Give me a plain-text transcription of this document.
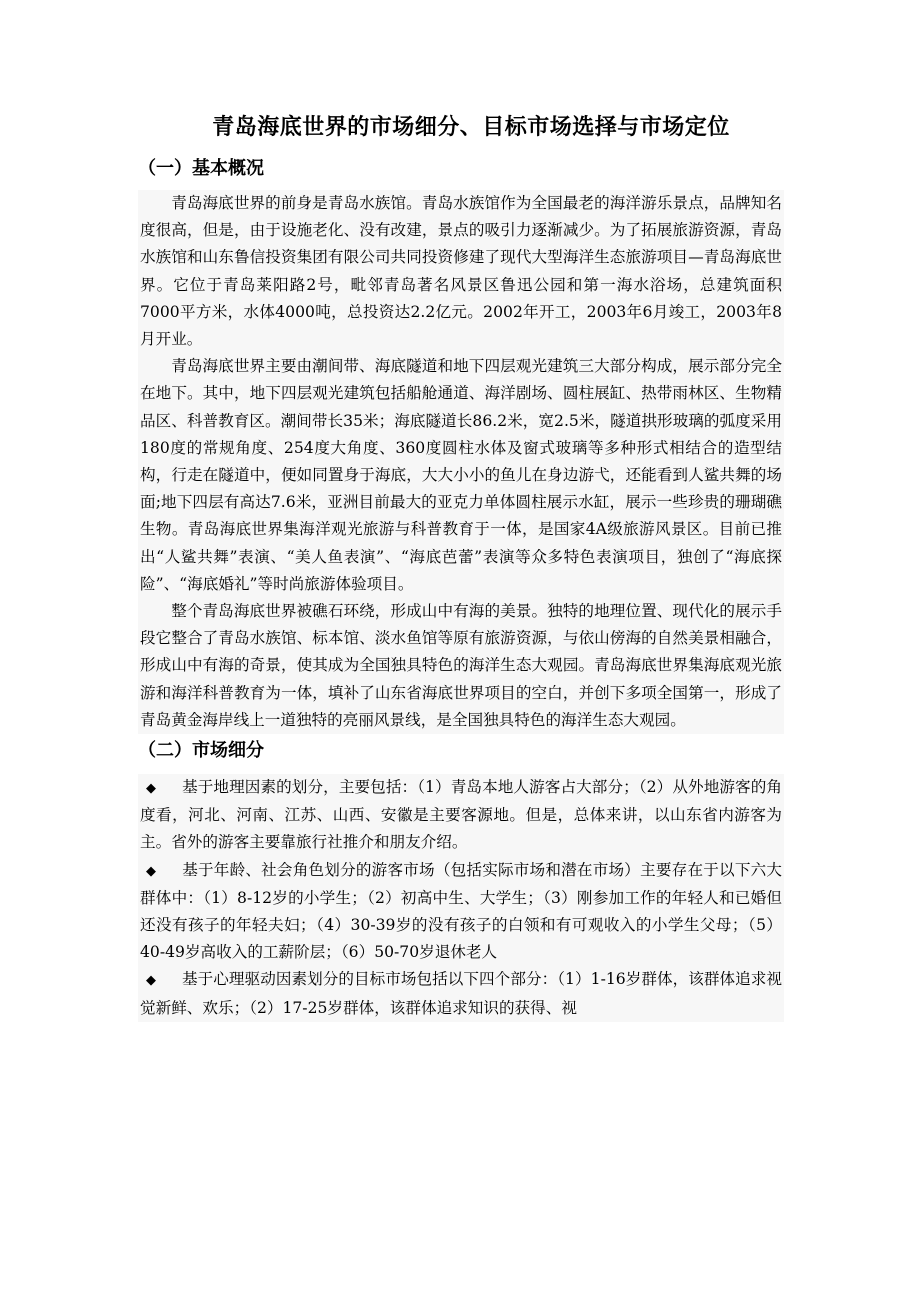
青岛海底世界的市场细分、目标市场选择与市场定位
（一）基本概况

青岛海底世界的前身是青岛水族馆。青岛水族馆作为全国最老的海洋游乐景点，品牌知名度很高，但是，由于设施老化、没有改建，景点的吸引力逐渐减少。为了拓展旅游资源，青岛水族馆和山东鲁信投资集团有限公司共同投资修建了现代大型海洋生态旅游项目—青岛海底世界。它位于青岛莱阳路2号，毗邻青岛著名风景区鲁迅公园和第一海水浴场，总建筑面积7000平方米，水体4000吨，总投资达2.2亿元。2002年开工，2003年6月竣工，2003年8月开业。

青岛海底世界主要由潮间带、海底隧道和地下四层观光建筑三大部分构成，展示部分完全在地下。其中，地下四层观光建筑包括船舱通道、海洋剧场、圆柱展缸、热带雨林区、生物精品区、科普教育区。潮间带长35米；海底隧道长86.2米，宽2.5米，隧道拱形玻璃的弧度采用180度的常规角度、254度大角度、360度圆柱水体及窗式玻璃等多种形式相结合的造型结构，行走在隧道中，便如同置身于海底，大大小小的鱼儿在身边游弋，还能看到人鲨共舞的场面;地下四层有高达7.6米，亚洲目前最大的亚克力单体圆柱展示水缸，展示一些珍贵的珊瑚礁生物。青岛海底世界集海洋观光旅游与科普教育于一体，是国家4A级旅游风景区。目前已推出“人鲨共舞”表演、“美人鱼表演”、“海底芭蕾”表演等众多特色表演项目，独创了“海底探险”、“海底婚礼”等时尚旅游体验项目。

整个青岛海底世界被礁石环绕，形成山中有海的美景。独特的地理位置、现代化的展示手段它整合了青岛水族馆、标本馆、淡水鱼馆等原有旅游资源，与依山傍海的自然美景相融合，形成山中有海的奇景，使其成为全国独具特色的海洋生态大观园。青岛海底世界集海底观光旅游和海洋科普教育为一体，填补了山东省海底世界项目的空白，并创下多项全国第一，形成了青岛黄金海岸线上一道独特的亮丽风景线，是全国独具特色的海洋生态大观园。

（二）市场细分

◆ 基于地理因素的划分，主要包括：（1）青岛本地人游客占大部分；（2）从外地游客的角度看，河北、河南、江苏、山西、安徽是主要客源地。但是，总体来讲，以山东省内游客为主。省外的游客主要靠旅行社推介和朋友介绍。

◆ 基于年龄、社会角色划分的游客市场（包括实际市场和潜在市场）主要存在于以下六大群体中：（1）8-12岁的小学生；（2）初高中生、大学生；（3）刚参加工作的年轻人和已婚但还没有孩子的年轻夫妇；（4）30-39岁的没有孩子的白领和有可观收入的小学生父母；（5）40-49岁高收入的工薪阶层；（6）50-70岁退休老人

◆ 基于心理驱动因素划分的目标市场包括以下四个部分：（1）1-16岁群体，该群体追求视觉新鲜、欢乐；（2）17-25岁群体，该群体追求知识的获得、视
